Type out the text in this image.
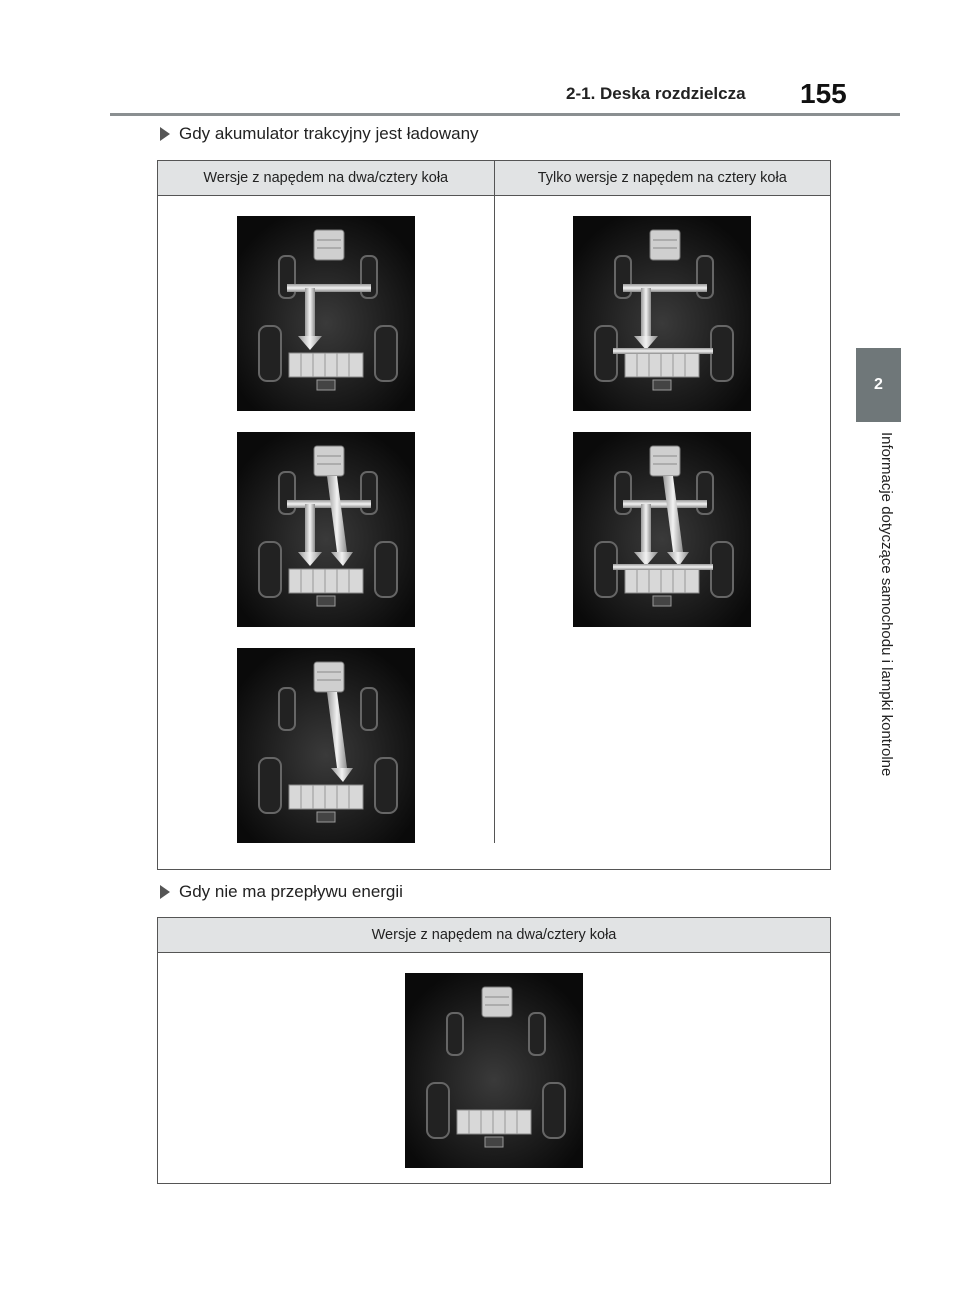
2-1. Deska rozdzielcza	155
2
Informacje dotyczące samochodu i lampki kontrolne
Gdy akumulator trakcyjny jest ładowany
Wersje z napędem na dwa/cztery koła	Tylko wersje z napędem na cztery koła
Gdy nie ma przepływu energii
Wersje z napędem na dwa/cztery koła
